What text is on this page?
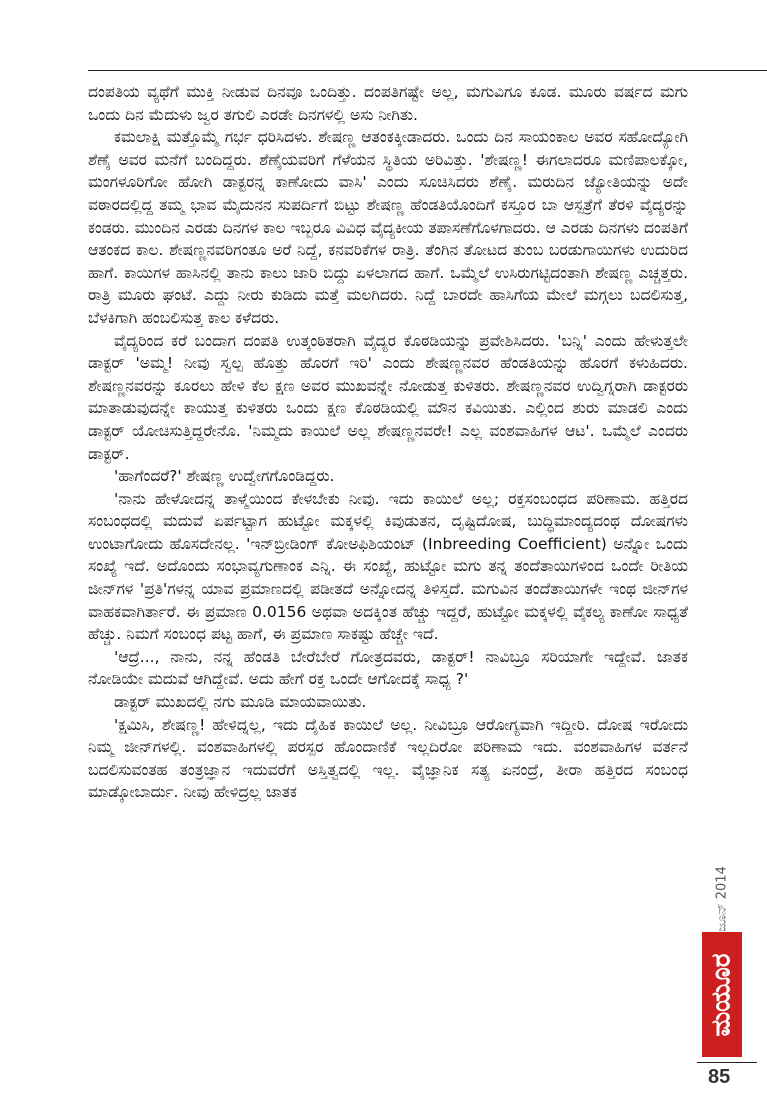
ದಂಪತಿಯ ವ್ಯಥೆಗೆ ಮುಕ್ತಿ ನೀಡುವ ದಿನವೂ ಒಂದಿತ್ತು. ದಂಪತಿಗಷ್ಟೇ ಅಲ್ಲ, ಮಗುವಿಗೂ ಕೂಡ. ಮೂರು ವರ್ಷದ ಮಗು ಒಂದು ದಿನ ಮೆದುಳು ಜ್ವರ ತಗುಲಿ ಎರಡೇ ದಿನಗಳಲ್ಲಿ ಅಸು ನೀಗಿತು.

ಕಮಲಾಕ್ಷಿ ಮತ್ತೊಮ್ಮೆ ಗರ್ಭ ಧರಿಸಿದಳು. ಶೇಷಣ್ಣ ಆತಂಕಕ್ಕೀಡಾದರು. ಒಂದು ದಿನ ಸಾಯಂಕಾಲ ಅವರ ಸಹೋದ್ಯೋಗಿ ಶೆಣೈ ಅವರ ಮನೆಗೆ ಬಂದಿದ್ದರು. ಶೆಣೈಯವರಿಗೆ ಗೆಳೆಯನ ಸ್ಥಿತಿಯ ಅರಿವಿತ್ತು. 'ಶೇಷಣ್ಣ! ಈಗಲಾದರೂ ಮಣಿಪಾಲಕ್ಕೋ, ಮಂಗಳೂರಿಗೋ ಹೋಗಿ ಡಾಕ್ಟರನ್ನ ಕಾಣೋದು ವಾಸಿ' ಎಂದು ಸೂಚಿಸಿದರು ಶೆಣೈ. ಮರುದಿನ ಜ್ಯೋತಿಯನ್ನು ಅದೇ ವಠಾರದಲ್ಲಿದ್ದ ತಮ್ಮ ಭಾವ ಮೈದುನನ ಸುಪರ್ದಿಗೆ ಬಿಟ್ಟು ಶೇಷಣ್ಣ ಹೆಂಡತಿಯೊಂದಿಗೆ ಕಸ್ತೂರ ಬಾ ಆಸ್ಪತ್ರೆಗೆ ತೆರಳಿ ವೈದ್ಯರನ್ನು ಕಂಡರು. ಮುಂದಿನ ಎರಡು ದಿನಗಳ ಕಾಲ ಇಬ್ಬರೂ ವಿವಿಧ ವೈದ್ಯಕೀಯ ತಪಾಸಣೆಗೊಳಗಾದರು. ಆ ಎರಡು ದಿನಗಳು ದಂಪತಿಗೆ ಆತಂಕದ ಕಾಲ. ಶೇಷಣ್ಣನವರಿಗಂತೂ ಅರೆ ನಿದ್ದೆ, ಕನವರಿಕೆಗಳ ರಾತ್ರಿ. ತೆಂಗಿನ ತೋಟದ ತುಂಬ ಬರಡುಗಾಯಿಗಳು ಉದುರಿದ ಹಾಗೆ. ಕಾಯಿಗಳ ಹಾಸಿನಲ್ಲಿ ತಾನು ಕಾಲು ಜಾರಿ ಬಿದ್ದು ಏಳಲಾಗದ ಹಾಗೆ. ಒಮ್ಮೆಲೆ ಉಸಿರುಗಟ್ಟಿದಂತಾಗಿ ಶೇಷಣ್ಣ ಎಚ್ಚತ್ತರು. ರಾತ್ರಿ ಮೂರು ಘಂಟೆ. ಎದ್ದು ನೀರು ಕುಡಿದು ಮತ್ತೆ ಮಲಗಿದರು. ನಿದ್ದೆ ಬಾರದೇ ಹಾಸಿಗೆಯ ಮೇಲೆ ಮಗ್ಗಲು ಬದಲಿಸುತ್ತ, ಬೆಳಕಿಗಾಗಿ ಹಂಬಲಿಸುತ್ತ ಕಾಲ ಕಳೆದರು.

ವೈದ್ಯರಿಂದ ಕರೆ ಬಂದಾಗ ದಂಪತಿ ಉತ್ಕಂಠಿತರಾಗಿ ವೈದ್ಯರ ಕೊಠಡಿಯನ್ನು ಪ್ರವೇಶಿಸಿದರು. 'ಬನ್ನಿ' ಎಂದು ಹೇಳುತ್ತಲೇ ಡಾಕ್ಟರ್ 'ಅಮ್ಮ! ನೀವು ಸ್ವಲ್ಪ ಹೊತ್ತು ಹೊರಗೆ ಇರಿ' ಎಂದು ಶೇಷಣ್ಣನವರ ಹೆಂಡತಿಯನ್ನು ಹೊರಗೆ ಕಳುಹಿದರು. ಶೇಷಣ್ಣನವರನ್ನು ಕೂರಲು ಹೇಳಿ ಕೆಲ ಕ್ಷಣ ಅವರ ಮುಖವನ್ನೇ ನೋಡುತ್ತ ಕುಳಿತರು. ಶೇಷಣ್ಣನವರ ಉದ್ವಿಗ್ನರಾಗಿ ಡಾಕ್ಟರರು ಮಾತಾಡುವುದನ್ನೇ ಕಾಯುತ್ತ ಕುಳಿತರು ಒಂದು ಕ್ಷಣ ಕೊಠಡಿಯಲ್ಲಿ ಮೌನ ಕವಿಯಿತು. ಎಲ್ಲಿಂದ ಶುರು ಮಾಡಲಿ ಎಂದು ಡಾಕ್ಟರ್ ಯೋಚಿಸುತ್ತಿದ್ದರೇನೊ. 'ನಿಮ್ಮದು ಕಾಯಿಲೆ ಅಲ್ಲ ಶೇಷಣ್ಣನವರೇ! ಎಲ್ಲ ವಂಶವಾಹಿಗಳ ಆಟ'. ಒಮ್ಮೆಲೆ ಎಂದರು ಡಾಕ್ಟರ್.

'ಹಾಗೆಂದರೆ?' ಶೇಷಣ್ಣ ಉದ್ವೇಗಗೊಂಡಿದ್ದರು.

'ನಾನು ಹೇಳೋದನ್ನ ತಾಳ್ಮೆಯಿಂದ ಕೇಳಬೇಕು ನೀವು. ಇದು ಕಾಯಿಲೆ ಅಲ್ಲ; ರಕ್ತಸಂಬಂಧದ ಪರಿಣಾಮ. ಹತ್ತಿರದ ಸಂಬಂಧದಲ್ಲಿ ಮದುವೆ ಏರ್ಪಟ್ಟಾಗ ಹುಟ್ಟೋ ಮಕ್ಕಳಲ್ಲಿ ಕಿವುಡುತನ, ದೃಷ್ಟಿದೋಷ, ಬುದ್ಧಿಮಾಂದ್ಯದಂಥ ದೋಷಗಳು ಉಂಟಾಗೋದು ಹೊಸದೇನಲ್ಲ. 'ಇನ್‌ಬ್ರೀಡಿಂಗ್ ಕೋಅಫಿಶಿಯಂಟ್ (Inbreeding Coefficient) ಅನ್ನೋ ಒಂದು ಸಂಖ್ಯೆ ಇದೆ. ಅದೊಂದು ಸಂಭಾವ್ಯಗುಣಾಂಕ ಎನ್ನಿ. ಈ ಸಂಖ್ಯೆ, ಹುಟ್ಟೋ ಮಗು ತನ್ನ ತಂದೆತಾಯಿಗಳಿಂದ ಒಂದೇ ರೀತಿಯ ಜೀನ್‌ಗಳ 'ಪ್ರತಿ'ಗಳನ್ನ ಯಾವ ಪ್ರಮಾಣದಲ್ಲಿ ಪಡೀತದೆ ಅನ್ನೋದನ್ನ ತಿಳಿಸ್ತದೆ. ಮಗುವಿನ ತಂದೆತಾಯಿಗಳೇ ಇಂಥ ಜೀನ್‌ಗಳ ವಾಹಕವಾಗಿರ್ತಾರೆ. ಈ ಪ್ರಮಾಣ 0.0156 ಅಥವಾ ಅದಕ್ಕಿಂತ ಹೆಚ್ಚು ಇದ್ದರೆ, ಹುಟ್ಟೋ ಮಕ್ಕಳಲ್ಲಿ ವೈಕಲ್ಯ ಕಾಣೋ ಸಾಧ್ಯತೆ ಹೆಚ್ಚು. ನಿಮಗೆ ಸಂಬಂಧ ಪಟ್ಟ ಹಾಗೆ, ಈ ಪ್ರಮಾಣ ಸಾಕಷ್ಟು ಹೆಚ್ಚೇ ಇದೆ.

'ಆದ್ರೆ..., ನಾನು, ನನ್ನ ಹೆಂಡತಿ ಬೇರೆಬೇರೆ ಗೋತ್ರದವರು, ಡಾಕ್ಟರ್! ನಾವಿಬ್ರೂ ಸರಿಯಾಗೇ ಇದ್ದೇವೆ. ಜಾತಕ ನೋಡಿಯೇ ಮದುವೆ ಆಗಿದ್ದೇವೆ. ಅದು ಹೇಗೆ ರಕ್ತ ಒಂದೇ ಆಗೋದಕ್ಕೆ ಸಾಧ್ಯ ?'

ಡಾಕ್ಟರ್ ಮುಖದಲ್ಲಿ ನಗು ಮೂಡಿ ಮಾಯವಾಯಿತು.

'ಕ್ಷಮಿಸಿ, ಶೇಷಣ್ಣ! ಹೇಳಿದ್ನಲ್ಲ, ಇದು ದೈಹಿಕ ಕಾಯಿಲೆ ಅಲ್ಲ. ನೀವಿಬ್ರೂ ಆರೋಗ್ಯವಾಗಿ ಇದ್ದೀರಿ. ದೋಷ ಇರೋದು ನಿಮ್ಮ ಜೀನ್‌ಗಳಲ್ಲಿ. ವಂಶವಾಹಿಗಳಲ್ಲಿ ಪರಸ್ಪರ ಹೊಂದಾಣಿಕೆ ಇಲ್ಲದಿರೋ ಪರಿಣಾಮ ಇದು. ವಂಶವಾಹಿಗಳ ವರ್ತನೆ ಬದಲಿಸುವಂತಹ ತಂತ್ರಜ್ಞಾನ ಇದುವರೆಗೆ ಅಸ್ತಿತ್ವದಲ್ಲಿ ಇಲ್ಲ. ವೈಜ್ಞಾನಿಕ ಸತ್ಯ ಏನಂದ್ರೆ, ತೀರಾ ಹತ್ತಿರದ ಸಂಬಂಧ ಮಾಡ್ಕೋಬಾರ್ದು. ನೀವು ಹೇಳಿದ್ರಲ್ಲ ಜಾತಕ

ಜೂನ್ 2014
ಮಯೂರ
85
